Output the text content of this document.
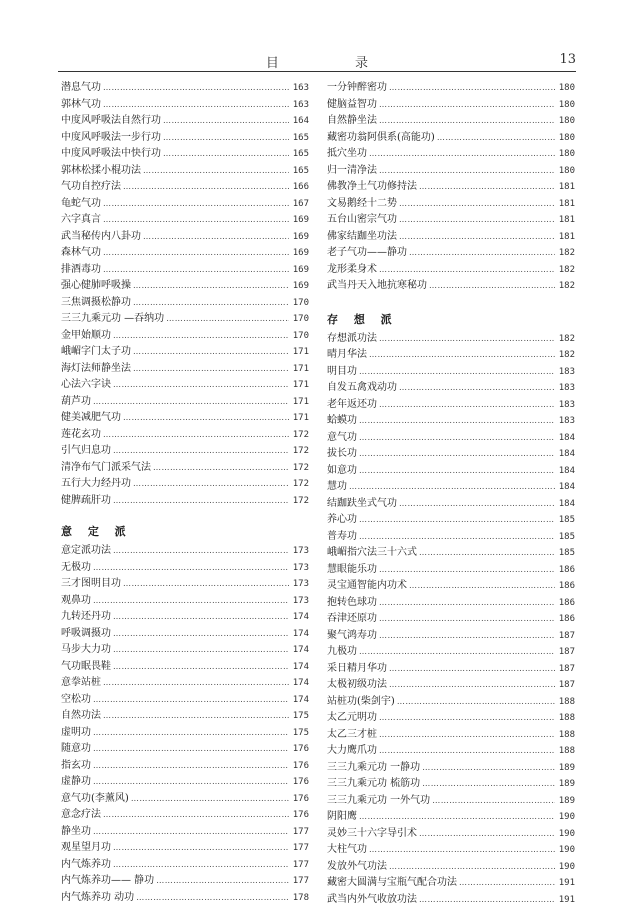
目 录	13
潜息气功 ……………………………………………………………………………………………………………………………………………………………………	163
郭林气功 ……………………………………………………………………………………………………………………………………………………………………	163
中度风呼吸法自然行功 ……………………………………………………………………………………………………………………………………………………………………	164
中度风呼吸法一步行功 ……………………………………………………………………………………………………………………………………………………………………	165
中度风呼吸法中快行功 ……………………………………………………………………………………………………………………………………………………………………	165
郭林松揉小棍功法 ……………………………………………………………………………………………………………………………………………………………………	165
气功自控疗法 ……………………………………………………………………………………………………………………………………………………………………	166
龟蛇气功 ……………………………………………………………………………………………………………………………………………………………………	167
六字真言 ……………………………………………………………………………………………………………………………………………………………………	169
武当秘传内八卦功 ……………………………………………………………………………………………………………………………………………………………………	169
森林气功 ……………………………………………………………………………………………………………………………………………………………………	169
排酒毒功 ……………………………………………………………………………………………………………………………………………………………………	169
强心健肺呼吸操 ……………………………………………………………………………………………………………………………………………………………………	169
三焦调摄松静功 ……………………………………………………………………………………………………………………………………………………………………	170
三三九乘元功 —吞纳功 ……………………………………………………………………………………………………………………………………………………………………	170
金甲始顺功 ……………………………………………………………………………………………………………………………………………………………………	170
峨嵋字门太子功 ……………………………………………………………………………………………………………………………………………………………………	171
海灯法师静坐法 ……………………………………………………………………………………………………………………………………………………………………	171
心法六字诀 ……………………………………………………………………………………………………………………………………………………………………	171
葫芦功 ……………………………………………………………………………………………………………………………………………………………………	171
健美减肥气功 ……………………………………………………………………………………………………………………………………………………………………	171
莲花玄功 ……………………………………………………………………………………………………………………………………………………………………	172
引气归息功 ……………………………………………………………………………………………………………………………………………………………………	172
清净布气门派采气法 ……………………………………………………………………………………………………………………………………………………………………	172
五行大力经丹功 ……………………………………………………………………………………………………………………………………………………………………	172
健脾疏肝功 ……………………………………………………………………………………………………………………………………………………………………	172
意 定 派
意定派功法 ……………………………………………………………………………………………………………………………………………………………………	173
无极功 ……………………………………………………………………………………………………………………………………………………………………	173
三才图明目功 ……………………………………………………………………………………………………………………………………………………………………	173
观鼻功 ……………………………………………………………………………………………………………………………………………………………………	173
九转还丹功 ……………………………………………………………………………………………………………………………………………………………………	174
呼吸调摄功 ……………………………………………………………………………………………………………………………………………………………………	174
马步大力功 ……………………………………………………………………………………………………………………………………………………………………	174
气功眠畏鞋 ……………………………………………………………………………………………………………………………………………………………………	174
意拳站桩 ……………………………………………………………………………………………………………………………………………………………………	174
空松功 ……………………………………………………………………………………………………………………………………………………………………	174
自然功法 ……………………………………………………………………………………………………………………………………………………………………	175
虚明功 ……………………………………………………………………………………………………………………………………………………………………	175
随意功 ……………………………………………………………………………………………………………………………………………………………………	176
指玄功 ……………………………………………………………………………………………………………………………………………………………………	176
虚静功 ……………………………………………………………………………………………………………………………………………………………………	176
意气功(李薰风) ……………………………………………………………………………………………………………………………………………………………………	176
意念疗法 ……………………………………………………………………………………………………………………………………………………………………	176
静坐功 ……………………………………………………………………………………………………………………………………………………………………	177
观星望月功 ……………………………………………………………………………………………………………………………………………………………………	177
内气炼养功 ……………………………………………………………………………………………………………………………………………………………………	177
内气炼养功—— 静功 ……………………………………………………………………………………………………………………………………………………………………	177
内气炼养功 动功 ……………………………………………………………………………………………………………………………………………………………………	178
一分钟醉密功 ……………………………………………………………………………………………………………………………………………………………………	180
健脑益智功 ……………………………………………………………………………………………………………………………………………………………………	180
自然静坐法 ……………………………………………………………………………………………………………………………………………………………………	180
藏密功翁阿俱系(高能功) ……………………………………………………………………………………………………………………………………………………………………	180
抵穴坐功 ……………………………………………………………………………………………………………………………………………………………………	180
归一清净法 ……………………………………………………………………………………………………………………………………………………………………	180
佛教净土气功修持法 ……………………………………………………………………………………………………………………………………………………………………	181
文易鹅经十二势 ……………………………………………………………………………………………………………………………………………………………………	181
五台山密宗气功 ……………………………………………………………………………………………………………………………………………………………………	181
佛家结跏坐功法 ……………………………………………………………………………………………………………………………………………………………………	181
老子气功——静功 ……………………………………………………………………………………………………………………………………………………………………	182
龙形柔身术 ……………………………………………………………………………………………………………………………………………………………………	182
武当丹天入地抗寒秘功 ……………………………………………………………………………………………………………………………………………………………………	182
存 想 派
存想派功法 ……………………………………………………………………………………………………………………………………………………………………	182
晴月华法 ……………………………………………………………………………………………………………………………………………………………………	182
明目功 ……………………………………………………………………………………………………………………………………………………………………	183
自发五禽戏动功 ……………………………………………………………………………………………………………………………………………………………………	183
老年返还功 ……………………………………………………………………………………………………………………………………………………………………	183
蛤蟆功 ……………………………………………………………………………………………………………………………………………………………………	183
意气功 ……………………………………………………………………………………………………………………………………………………………………	184
拔长功 ……………………………………………………………………………………………………………………………………………………………………	184
如意功 ……………………………………………………………………………………………………………………………………………………………………	184
慧功 ……………………………………………………………………………………………………………………………………………………………………	184
结跏趺坐式气功 ……………………………………………………………………………………………………………………………………………………………………	184
养心功 ……………………………………………………………………………………………………………………………………………………………………	185
普寿功 ……………………………………………………………………………………………………………………………………………………………………	185
峨嵋指穴法三十六式 ……………………………………………………………………………………………………………………………………………………………………	185
慧眼能乐功 ……………………………………………………………………………………………………………………………………………………………………	186
灵宝通智能内功术 ……………………………………………………………………………………………………………………………………………………………………	186
抱转色球功 ……………………………………………………………………………………………………………………………………………………………………	186
吞津还原功 ……………………………………………………………………………………………………………………………………………………………………	186
聚气鸿寿功 ……………………………………………………………………………………………………………………………………………………………………	187
九极功 ……………………………………………………………………………………………………………………………………………………………………	187
采日精月华功 ……………………………………………………………………………………………………………………………………………………………………	187
太极初级功法 ……………………………………………………………………………………………………………………………………………………………………	187
站桩功(柴剑宇) ……………………………………………………………………………………………………………………………………………………………………	188
太乙元明功 ……………………………………………………………………………………………………………………………………………………………………	188
太乙三才桩 ……………………………………………………………………………………………………………………………………………………………………	188
大力鹰爪功 ……………………………………………………………………………………………………………………………………………………………………	188
三三九乘元功 一静功 ……………………………………………………………………………………………………………………………………………………………………	189
三三九乘元功 梳筋功 ……………………………………………………………………………………………………………………………………………………………………	189
三三九乘元功 一外气功 ……………………………………………………………………………………………………………………………………………………………………	189
阴阳鹰 ……………………………………………………………………………………………………………………………………………………………………	190
灵妙三十六字导引术 ……………………………………………………………………………………………………………………………………………………………………	190
大柱气功 ……………………………………………………………………………………………………………………………………………………………………	190
发放外气功法 ……………………………………………………………………………………………………………………………………………………………………	190
藏密大圆满与宝瓶气配合功法 ……………………………………………………………………………………………………………………………………………………………………	191
武当内外气收放功法 ……………………………………………………………………………………………………………………………………………………………………	191
